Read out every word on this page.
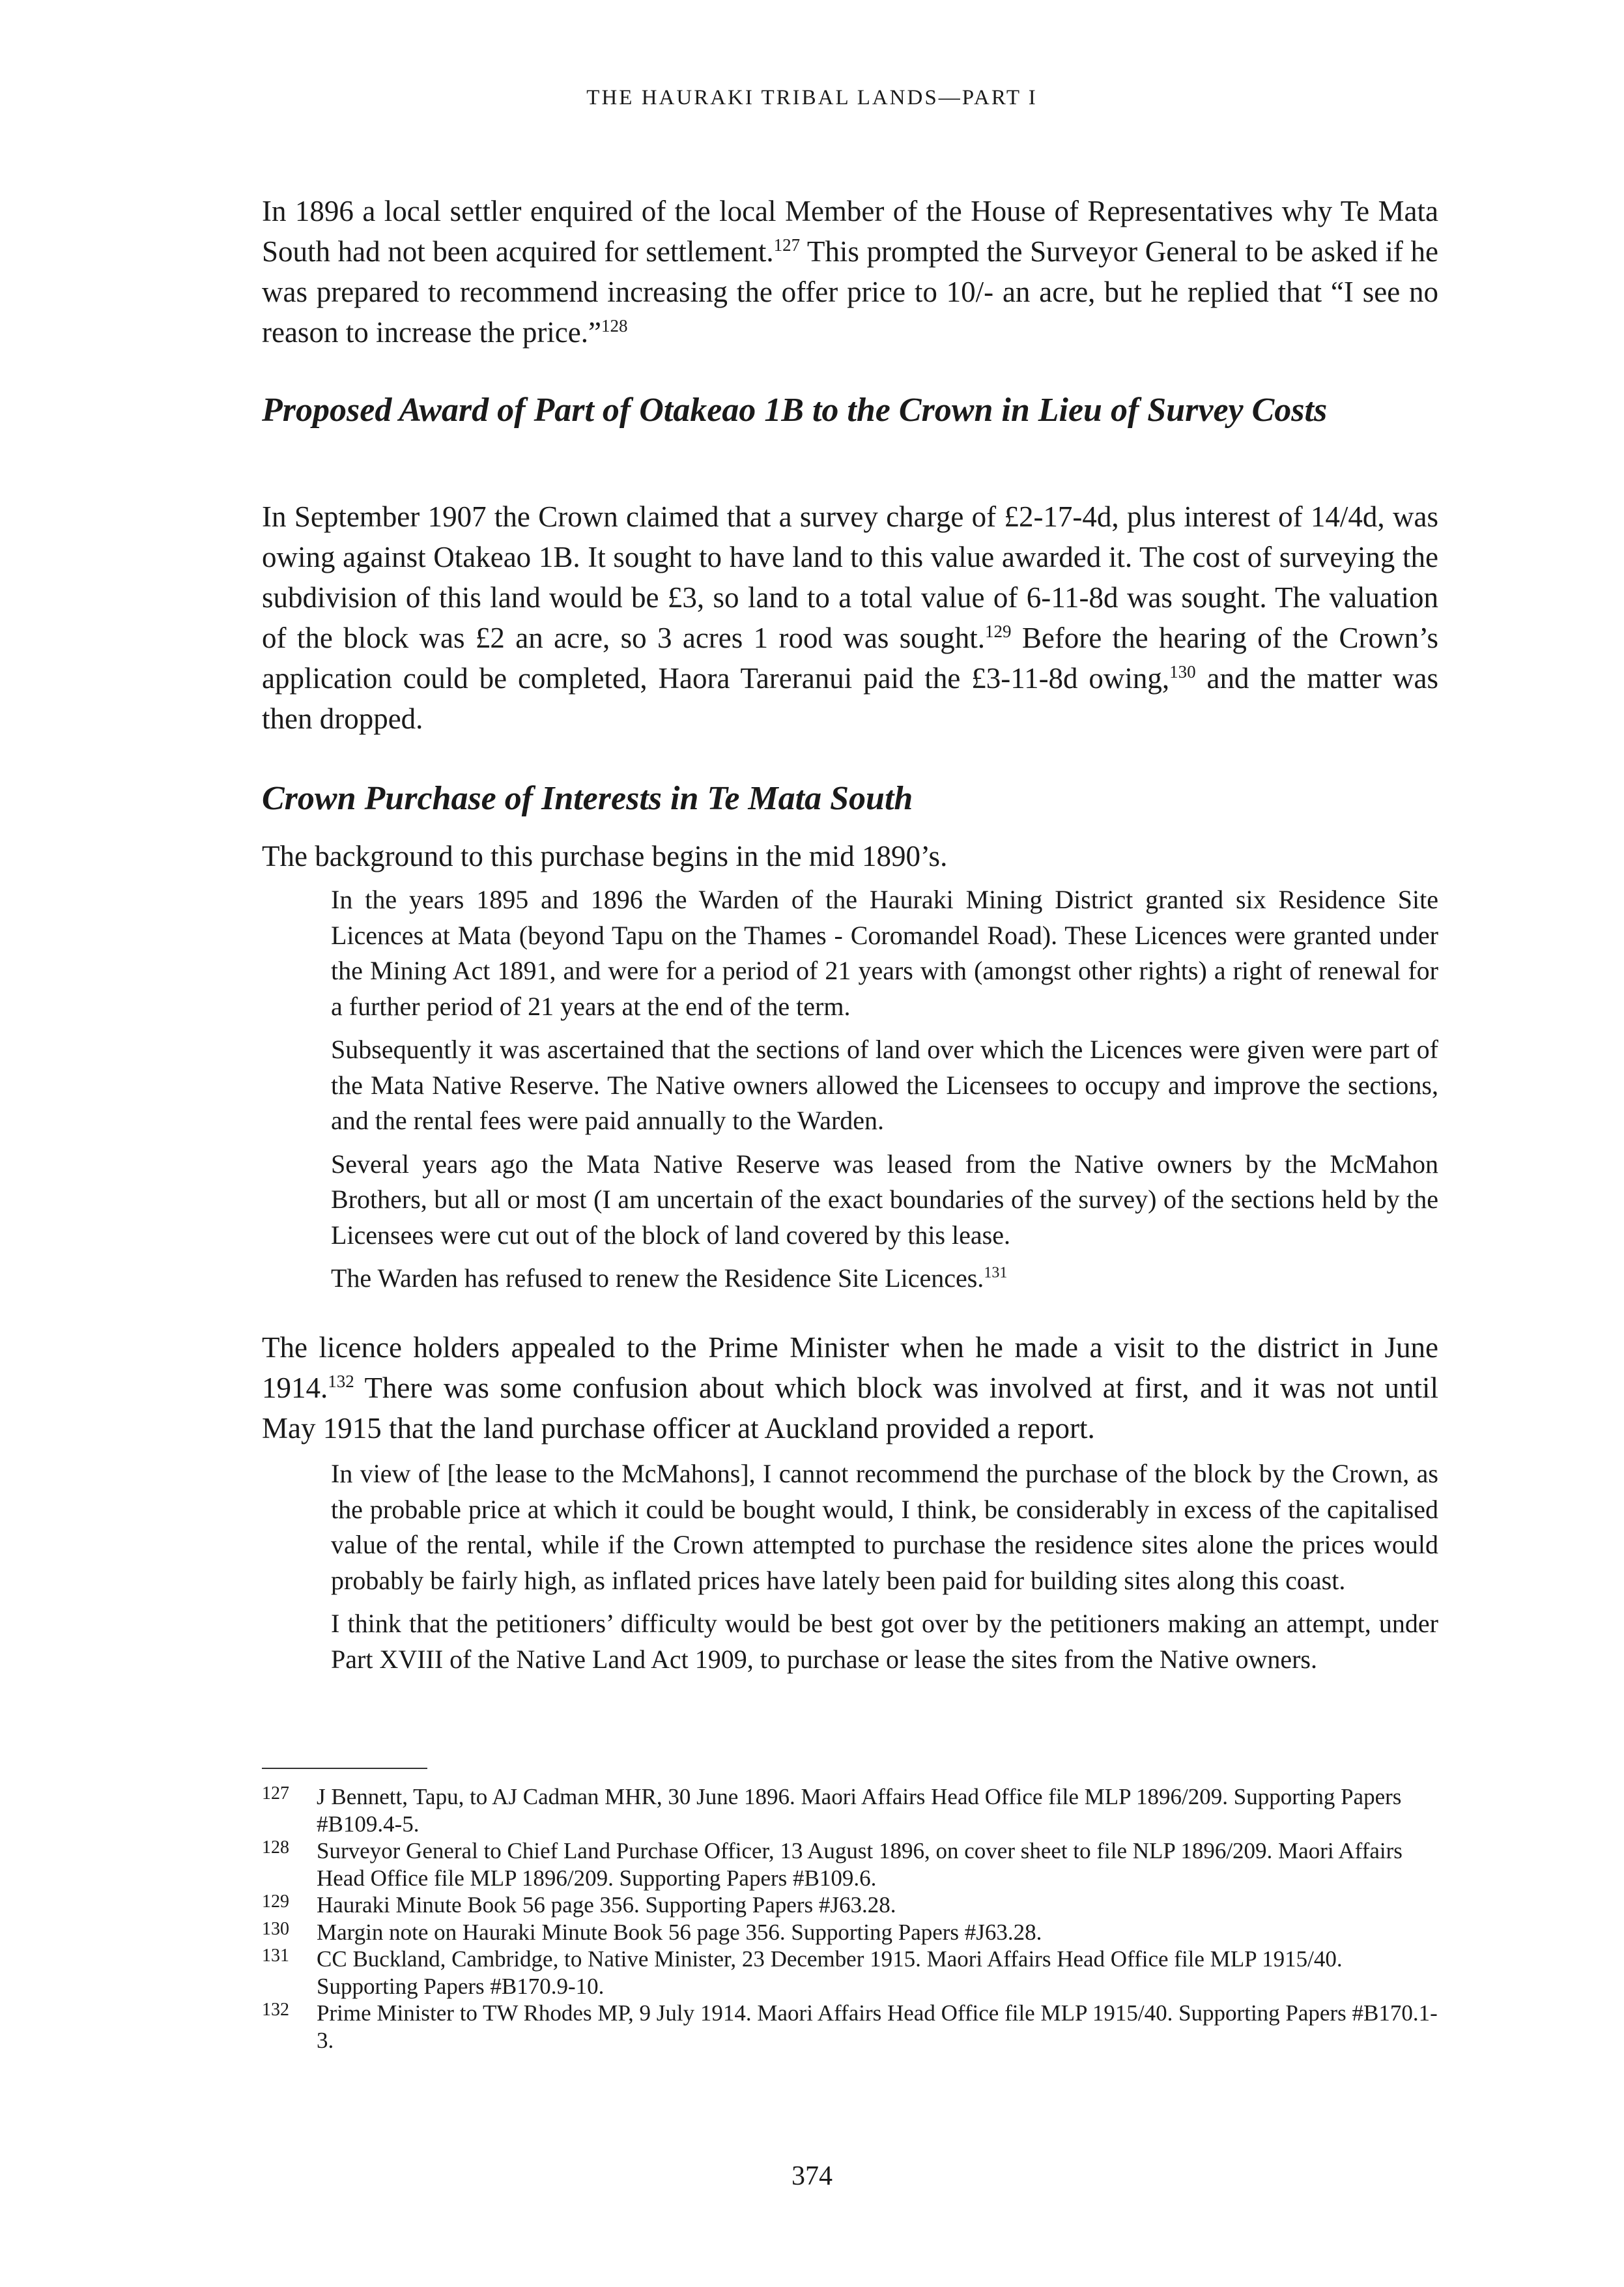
THE HAURAKI TRIBAL LANDS—PART I

In 1896 a local settler enquired of the local Member of the House of Representatives why Te Mata South had not been acquired for settlement.$^{127}$ This prompted the Surveyor General to be asked if he was prepared to recommend increasing the offer price to 10/- an acre, but he replied that “I see no reason to increase the price.”$^{128}$

Proposed Award of Part of Otakeao 1B to the Crown in Lieu of Survey Costs

In September 1907 the Crown claimed that a survey charge of £2-17-4d, plus interest of 14/4d, was owing against Otakeao 1B. It sought to have land to this value awarded it. The cost of surveying the subdivision of this land would be £3, so land to a total value of 6-11-8d was sought. The valuation of the block was £2 an acre, so 3 acres 1 rood was sought.$^{129}$ Before the hearing of the Crown’s application could be completed, Haora Tareranui paid the £3-11-8d owing,$^{130}$ and the matter was then dropped.

Crown Purchase of Interests in Te Mata South

The background to this purchase begins in the mid 1890’s.

In the years 1895 and 1896 the Warden of the Hauraki Mining District granted six Residence Site Licences at Mata (beyond Tapu on the Thames - Coromandel Road). These Licences were granted under the Mining Act 1891, and were for a period of 21 years with (amongst other rights) a right of renewal for a further period of 21 years at the end of the term.

Subsequently it was ascertained that the sections of land over which the Licences were given were part of the Mata Native Reserve. The Native owners allowed the Licensees to occupy and improve the sections, and the rental fees were paid annually to the Warden.

Several years ago the Mata Native Reserve was leased from the Native owners by the McMahon Brothers, but all or most (I am uncertain of the exact boundaries of the survey) of the sections held by the Licensees were cut out of the block of land covered by this lease.

The Warden has refused to renew the Residence Site Licences.$^{131}$

The licence holders appealed to the Prime Minister when he made a visit to the district in June 1914.$^{132}$ There was some confusion about which block was involved at first, and it was not until May 1915 that the land purchase officer at Auckland provided a report.

In view of [the lease to the McMahons], I cannot recommend the purchase of the block by the Crown, as the probable price at which it could be bought would, I think, be considerably in excess of the capitalised value of the rental, while if the Crown attempted to purchase the residence sites alone the prices would probably be fairly high, as inflated prices have lately been paid for building sites along this coast.

I think that the petitioners’ difficulty would be best got over by the petitioners making an attempt, under Part XVIII of the Native Land Act 1909, to purchase or lease the sites from the Native owners.

127	J Bennett, Tapu, to AJ Cadman MHR, 30 June 1896. Maori Affairs Head Office file MLP 1896/209. Supporting Papers #B109.4-5.
128	Surveyor General to Chief Land Purchase Officer, 13 August 1896, on cover sheet to file NLP 1896/209. Maori Affairs Head Office file MLP 1896/209. Supporting Papers #B109.6.
129	Hauraki Minute Book 56 page 356. Supporting Papers #J63.28.
130	Margin note on Hauraki Minute Book 56 page 356. Supporting Papers #J63.28.
131	CC Buckland, Cambridge, to Native Minister, 23 December 1915. Maori Affairs Head Office file MLP 1915/40. Supporting Papers #B170.9-10.
132	Prime Minister to TW Rhodes MP, 9 July 1914. Maori Affairs Head Office file MLP 1915/40. Supporting Papers #B170.1-3.
374
